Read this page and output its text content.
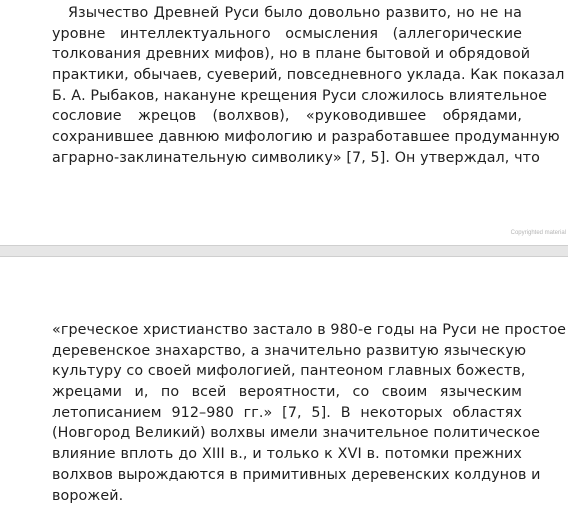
Язычество Древней Руси было довольно развито, но не на
уровне интеллектуального осмысления (аллегорические
толкования древних мифов), но в плане бытовой и обрядовой
практики, обычаев, суеверий, повседневного уклада. Как показал
Б. А. Рыбаков, накануне крещения Руси сложилось влиятельное
сословие жрецов (волхвов), «руководившее обрядами,
сохранившее давнюю мифологию и разработавшее продуманную
аграрно-заклинательную символику» [7, 5]. Он утверждал, что
Copyrighted material
«греческое христианство застало в 980-е годы на Руси не простое
деревенское знахарство, а значительно развитую языческую
культуру со своей мифологией, пантеоном главных божеств,
жрецами и, по всей вероятности, со своим языческим
летописанием 912–980 гг.» [7, 5]. В некоторых областях
(Новгород Великий) волхвы имели значительное политическое
влияние вплоть до XIII в., и только к XVI в. потомки прежних
волхвов вырождаются в примитивных деревенских колдунов и
ворожей.
